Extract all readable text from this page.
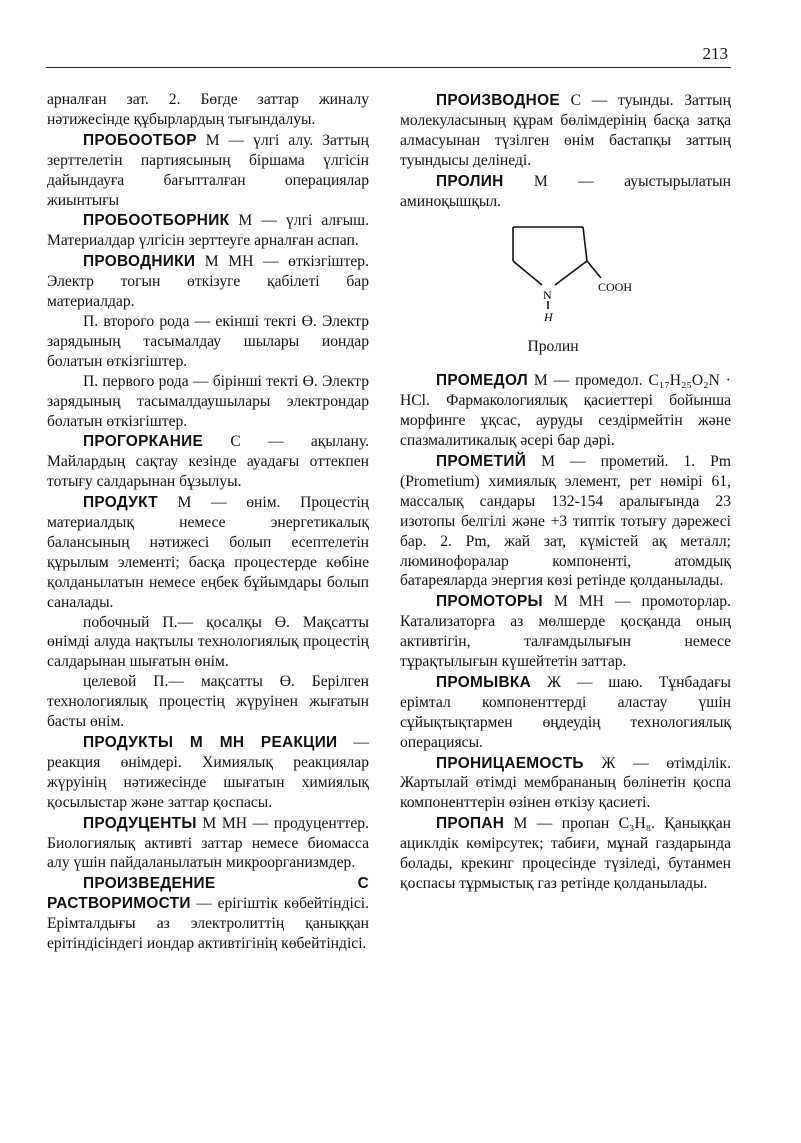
213

арналған зат. 2. Бөгде заттар жиналу нәтижесінде құбырлардың тығындалуы.

ПРОБООТБОР М — үлгі алу. Заттың зерттелетін партиясының біршама үлгісін дайындауға бағытталған операциялар жиынтығы

ПРОБООТБОРНИК М — үлгі алғыш. Материалдар үлгісін зерттеуге арналған аспап.

ПРОВОДНИКИ М МН — өткізгіштер. Электр тогын өткізуге қабілеті бар материалдар.

П. второго рода — екінші текті Ө. Электр зарядының тасымалдау шылары иондар болатын өткізгіштер.

П. первого рода — бірінші текті Ө. Электр зарядының тасымалдаушылары электрондар болатын өткізгіштер.

ПРОГОРКАНИЕ С — ақылану. Майлардың сақтау кезінде ауадағы оттекпен тотығу салдарынан бұзылуы.

ПРОДУКТ М — өнім. Процестің материалдық немесе энергетикалық балансының нәтижесі болып есептелетін құрылым элементі; басқа процестерде көбіне қолданылатын немесе еңбек бұйымдары болып саналады.

побочный П.— қосалқы Ө. Мақсатты өнімді алуда нақтылы технологиялық процестің салдарынан шығатын өнім.

целевой П.— мақсатты Ө. Берілген технологиялық процестің жүруінен жығатын басты өнім.

ПРОДУКТЫ М МН РЕАКЦИИ — реакция өнімдері. Химиялық реакциялар жүруінің нәтижесінде шығатын химиялық қосылыстар және заттар қоспасы.

ПРОДУЦЕНТЫ М МН — продуценттер. Биологиялық активті заттар немесе биомасса алу үшін пайдаланылатын микроорганизмдер.

ПРОИЗВЕДЕНИЕ С РАСТВОРИМОСТИ — ерігіштік көбейтіндісі. Ерімталдығы аз электролиттің қаныққан ерітіндісіндегі иондар активтігінің көбейтіндісі.

ПРОИЗВОДНОЕ С — туынды. Заттың молекуласының құрам бөлімдерінің басқа затқа алмасуынан түзілген өнім бастапқы заттың туындысы делінеді.

ПРОЛИН М — ауыстырылатын аминоқышқыл.

N
H
COOH

Пролин

ПРОМЕДОЛ М — промедол. C₁₇H₂₅O₂N · HCl. Фармакологиялық қасиеттері бойынша морфинге ұқсас, ауруды сездірмейтін және спазмалитикалық әсері бар дәрі.

ПРОМЕТИЙ М — прометий. 1. Pm (Prometium) химиялық элемент, рет нөмірі 61, массалық сандары 132-154 аралығында 23 изотопы белгілі және +3 типтік тотығу дәрежесі бар. 2. Pm, жай зат, күмістей ақ металл; люминофоралар компоненті, атомдық батареяларда энергия көзі ретінде қолданылады.

ПРОМОТОРЫ М МН — промоторлар. Катализаторға аз мөлшерде қосқанда оның активтігін, талғамдылығын немесе тұрақтылығын күшейтетін заттар.

ПРОМЫВКА Ж — шаю. Тұнбадағы ерімтал компоненттерді аластау үшін сұйықтықтармен өңдеудің технологиялық операциясы.

ПРОНИЦАЕМОСТЬ Ж — өтімділік. Жартылай өтімді мембрананың бөлінетін қоспа компоненттерін өзінен өткізу қасиеті.

ПРОПАН М — пропан C₃H₈. Қаныққан ациклдік көмірсутек; табиғи, мұнай газдарында болады, крекинг процесінде түзіледі, бутанмен қоспасы тұрмыстық газ ретінде қолданылады.
